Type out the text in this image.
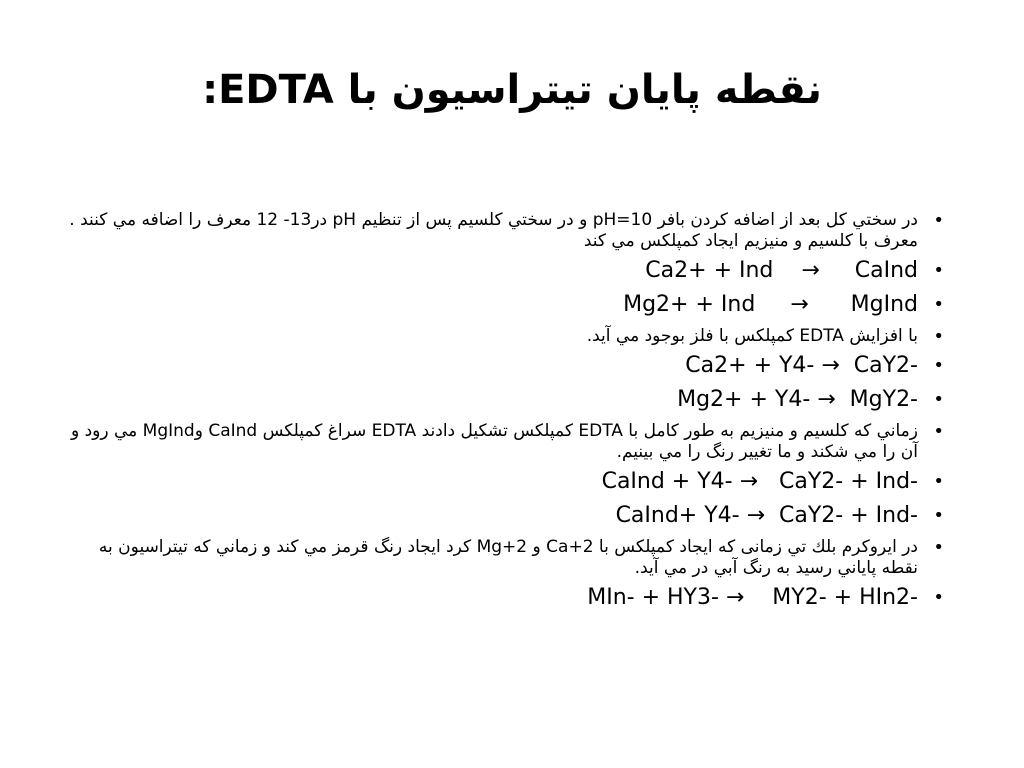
نقطه پایان تیتراسیون با EDTA:
• در سختي كل بعد از اضافه كردن بافر pH=10 و در سختي كلسيم پس از تنظيم pH در13- 12 معرف را اضافه مي كنند . معرف با كلسيم و منيزيم ايجاد كمپلكس مي كند
• Ca2+ + Ind    →     CaInd
• Mg2+ + Ind     →      MgInd
• با افزايش EDTA كمپلكس با فلز بوجود مي آيد.
• Ca2+ + Y4- →  CaY2-
• Mg2+ + Y4- →  MgY2-
• زماني كه كلسيم و منيزيم به طور كامل با EDTA كمپلكس تشكيل دادند EDTA سراغ كمپلكس CaInd وMgInd مي رود و آن را مي شكند و ما تغيير رنگ را مي بينيم.
• CaInd + Y4- →   CaY2- + Ind-
• CaInd+ Y4- →  CaY2- + Ind-
• در ايروكرم بلك تي زمانی كه ايجاد كمپلكس با 2+Ca و 2+Mg كرد ايجاد رنگ قرمز مي كند و زماني كه تيتراسيون به نقطه پاياني رسيد به رنگ آبي در مي آيد.
• MIn- + HY3- →    MY2- + HIn2-
